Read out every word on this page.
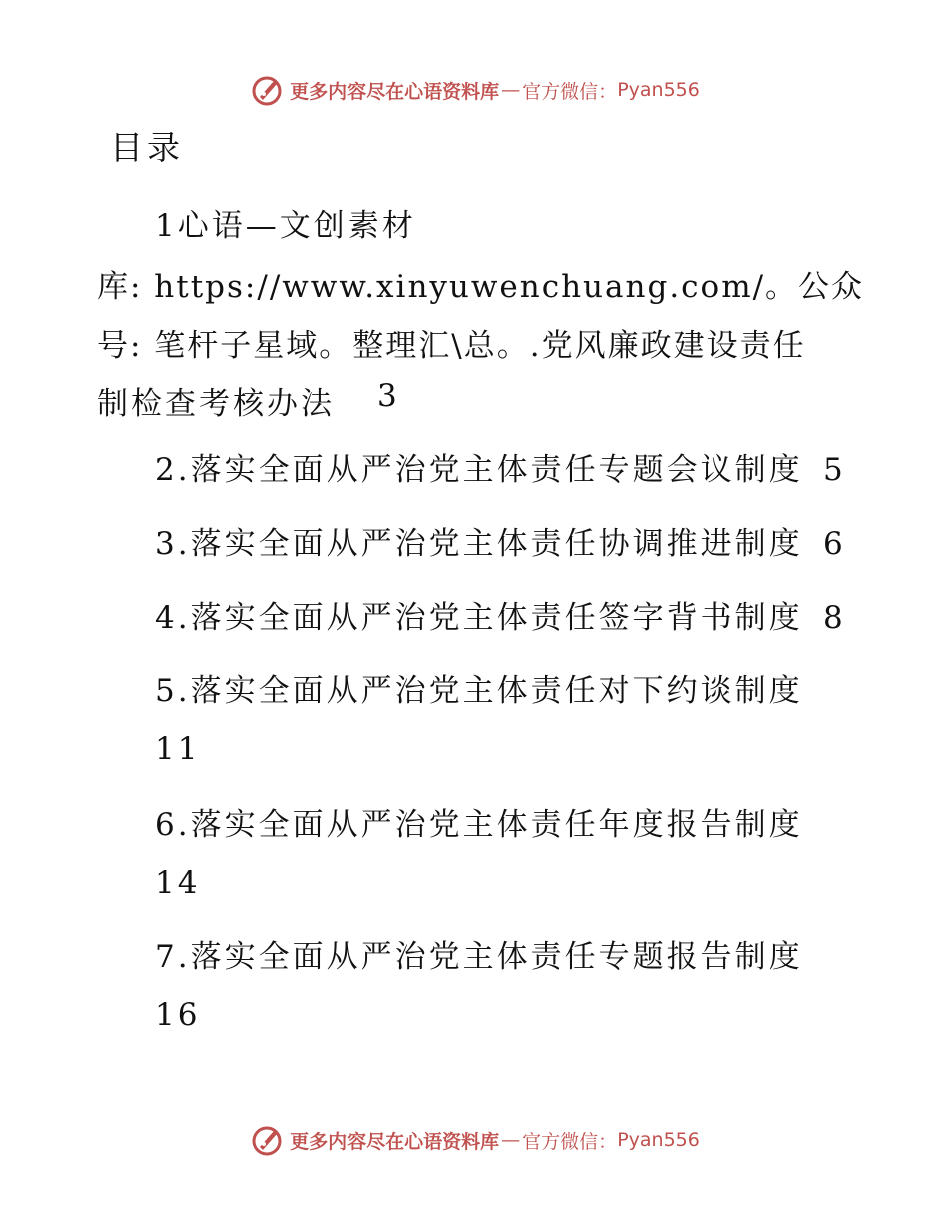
更多内容尽在心语资料库 — 官方微信： Pyan556
目录
1心语—文创素材
库: https://www.xinyuwenchuang.com/。公众
号: 笔杆子星域。整理汇\总。.党风廉政建设责任
制检查考核办法 3
2.落实全面从严治党主体责任专题会议制度 5
3.落实全面从严治党主体责任协调推进制度 6
4.落实全面从严治党主体责任签字背书制度 8
5.落实全面从严治党主体责任对下约谈制度
11
6.落实全面从严治党主体责任年度报告制度
14
7.落实全面从严治党主体责任专题报告制度
16
更多内容尽在心语资料库 — 官方微信： Pyan556
